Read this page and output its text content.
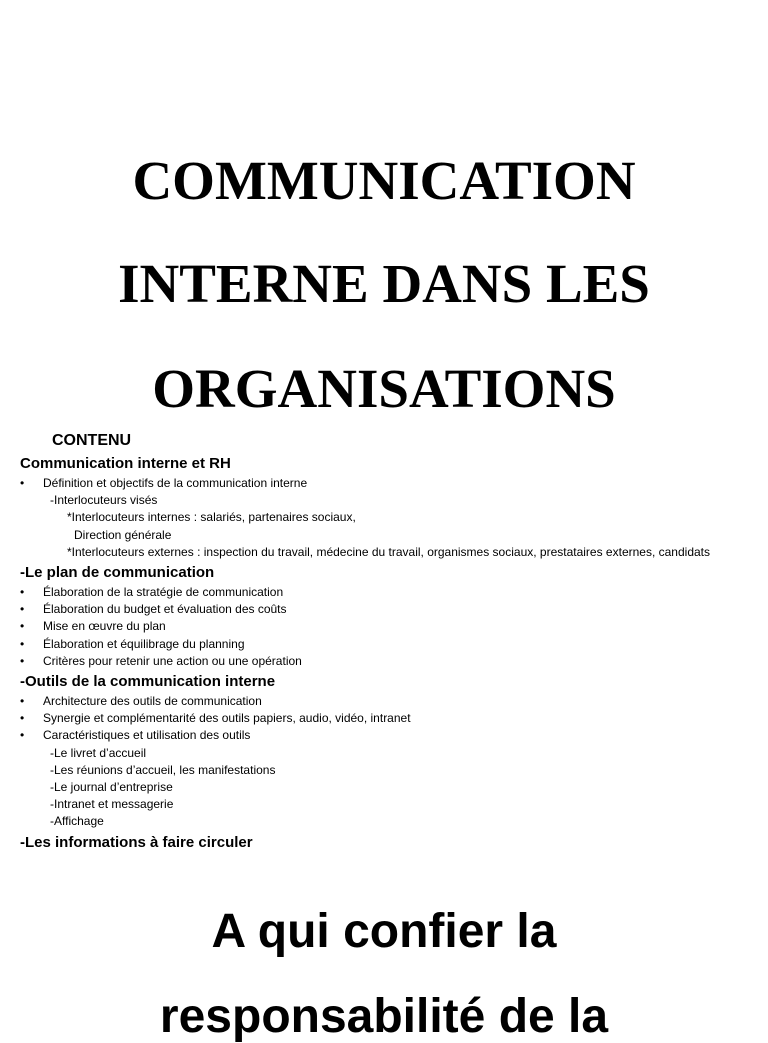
COMMUNICATION
INTERNE DANS LES
ORGANISATIONS
CONTENU
Communication interne et RH
• Définition et objectifs de la communication interne
-Interlocuteurs visés
*Interlocuteurs internes : salariés, partenaires sociaux,
Direction générale
*Interlocuteurs externes : inspection du travail, médecine du travail, organismes sociaux, prestataires externes, candidats
-Le plan de communication
• Élaboration de la stratégie de communication
• Élaboration du budget et évaluation des coûts
• Mise en œuvre du plan
• Élaboration et équilibrage du planning
• Critères pour retenir une action ou une opération
-Outils de la communication interne
• Architecture des outils de communication
• Synergie et complémentarité des outils papiers, audio, vidéo, intranet
• Caractéristiques et utilisation des outils
-Le livret d’accueil
-Les réunions d’accueil, les manifestations
-Le journal d’entreprise
-Intranet et messagerie
-Affichage
-Les informations à faire circuler
A qui confier la
responsabilité de la
